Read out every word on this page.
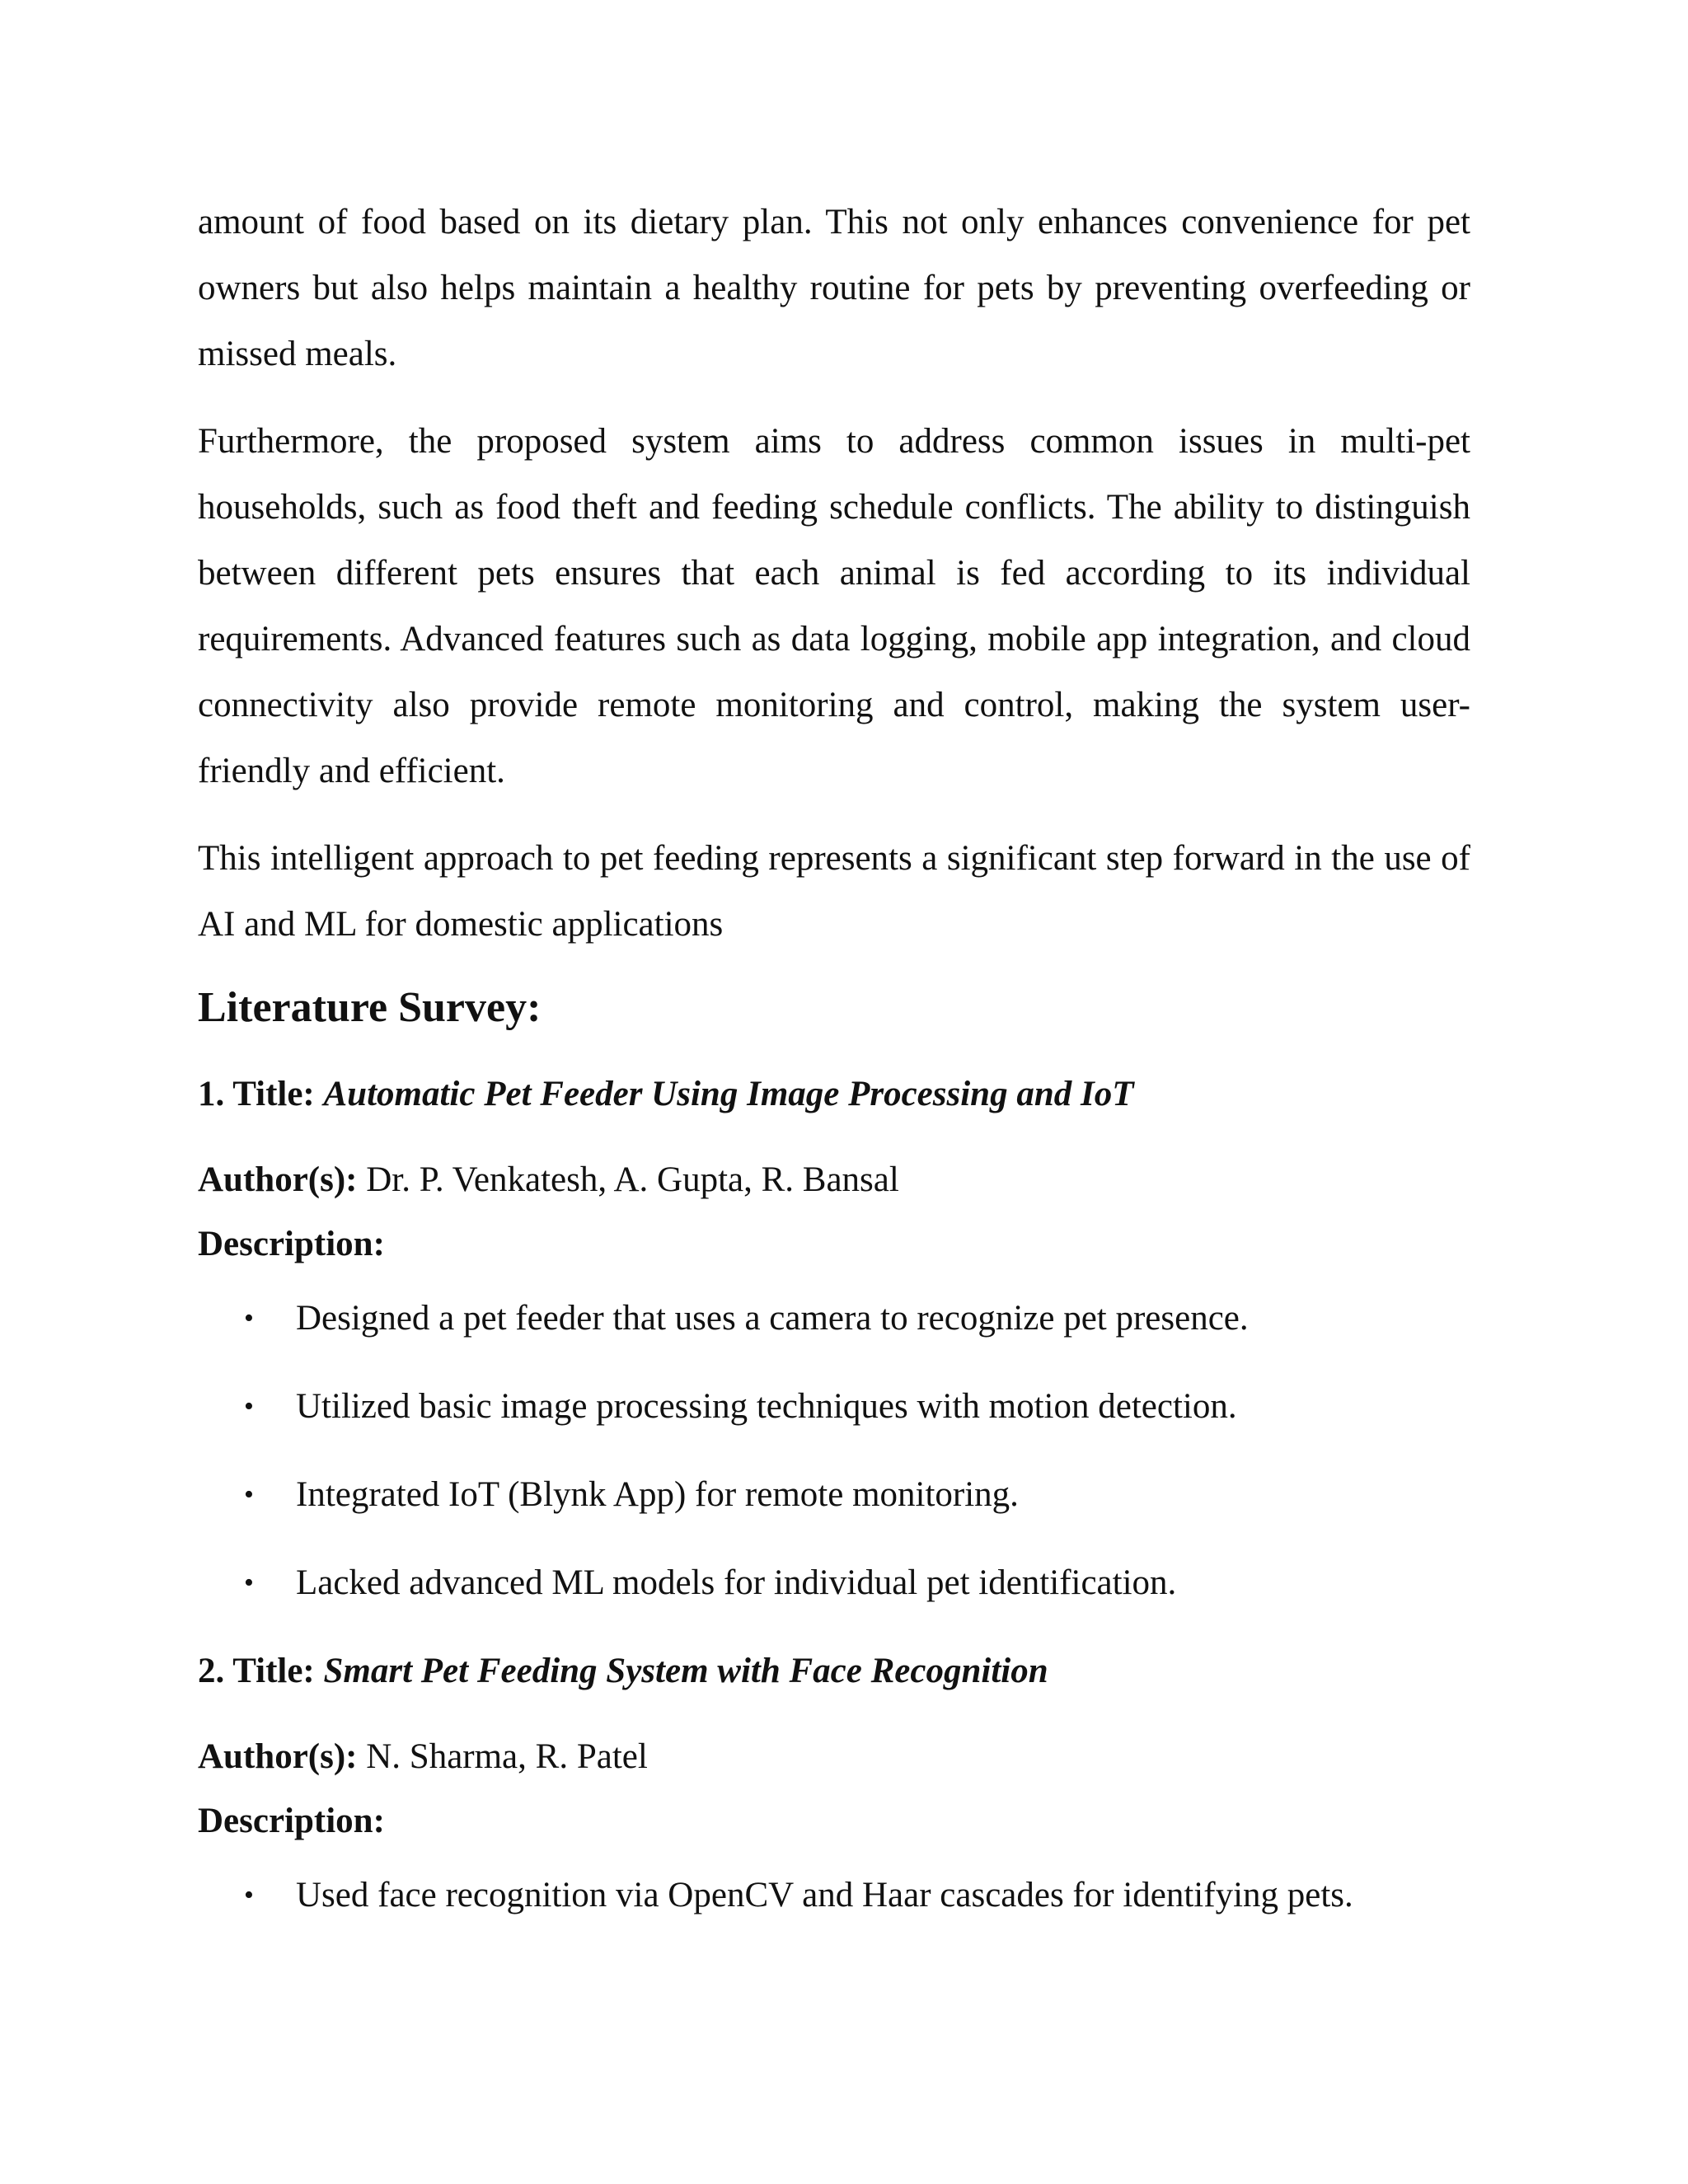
amount of food based on its dietary plan. This not only enhances convenience for pet owners but also helps maintain a healthy routine for pets by preventing overfeeding or missed meals.

Furthermore, the proposed system aims to address common issues in multi-pet households, such as food theft and feeding schedule conflicts. The ability to distinguish between different pets ensures that each animal is fed according to its individual requirements. Advanced features such as data logging, mobile app integration, and cloud connectivity also provide remote monitoring and control, making the system user-friendly and efficient.

This intelligent approach to pet feeding represents a significant step forward in the use of AI and ML for domestic applications

Literature Survey:
1. Title: Automatic Pet Feeder Using Image Processing and IoT
Author(s): Dr. P. Venkatesh, A. Gupta, R. Bansal
Description:
• Designed a pet feeder that uses a camera to recognize pet presence.
• Utilized basic image processing techniques with motion detection.
• Integrated IoT (Blynk App) for remote monitoring.
• Lacked advanced ML models for individual pet identification.
2. Title: Smart Pet Feeding System with Face Recognition
Author(s): N. Sharma, R. Patel
Description:
• Used face recognition via OpenCV and Haar cascades for identifying pets.
